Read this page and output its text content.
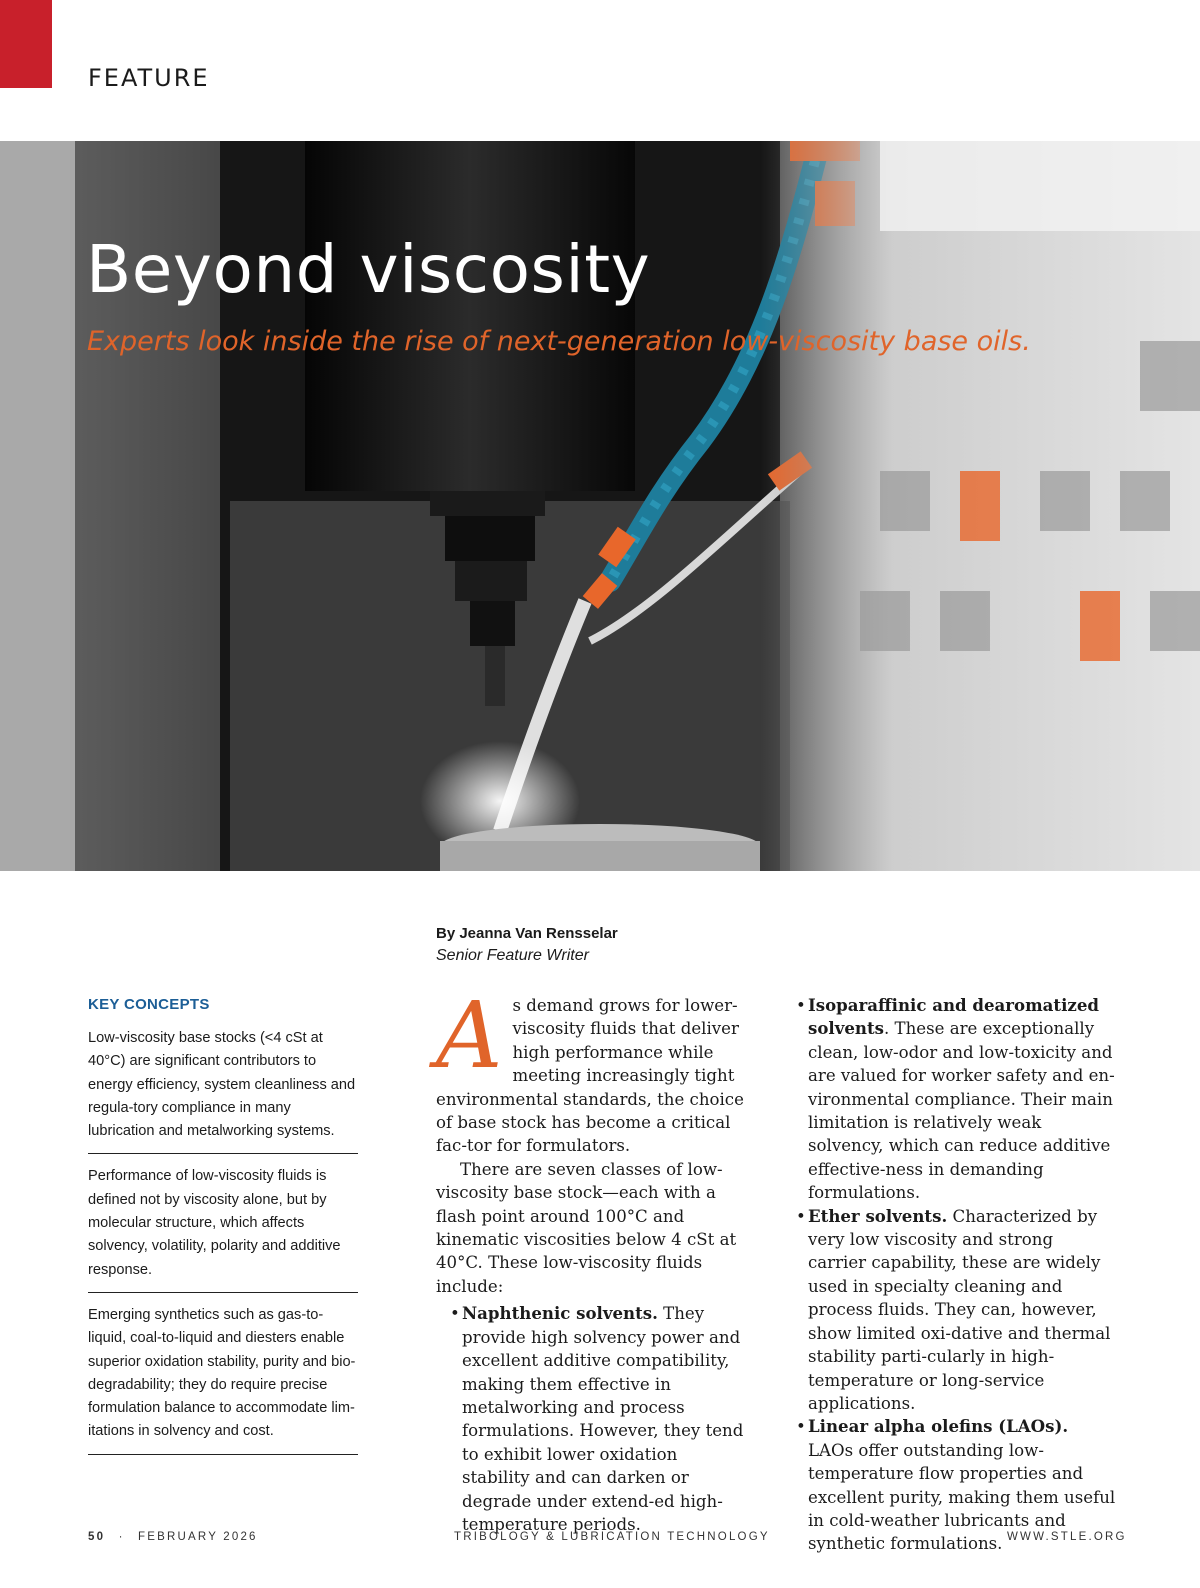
FEATURE
Beyond viscosity

Experts look inside the rise of next-generation low-viscosity base oils.

By Jeanna Van Rensselar
Senior Feature Writer
KEY CONCEPTS
Low-viscosity base stocks (<4 cSt at 40°C) are significant contributors to energy efficiency, system cleanliness and regula-tory compliance in many lubrication and metalworking systems.
Performance of low-viscosity fluids is defined not by viscosity alone, but by molecular structure, which affects solvency, volatility, polarity and additive response.
Emerging synthetics such as gas-to-liquid, coal-to-liquid and diesters enable superior oxidation stability, purity and bio-degradability; they do require precise formulation balance to accommodate lim-itations in solvency and cost.

As demand grows for lower-viscosity fluids that deliver high performance while meeting increasingly tight environmental standards, the choice of base stock has become a critical fac-tor for formulators.

There are seven classes of low-viscosity base stock—each with a flash point around 100°C and kinematic viscosities below 4 cSt at 40°C. These low-viscosity fluids include:

• Naphthenic solvents. They provide high solvency power and excellent additive compatibility, making them effective in metalworking and process formulations. However, they tend to exhibit lower oxidation stability and can darken or degrade under extend-ed high-temperature periods.
• Isoparaffinic and dearomatized solvents. These are exceptionally clean, low-odor and low-toxicity and are valued for worker safety and en-vironmental compliance. Their main limitation is relatively weak solvency, which can reduce additive effective-ness in demanding formulations.
• Ether solvents. Characterized by very low viscosity and strong carrier capability, these are widely used in specialty cleaning and process fluids. They can, however, show limited oxi-dative and thermal stability parti-cularly in high-temperature or long-service applications.
• Linear alpha olefins (LAOs). LAOs offer outstanding low-temperature flow properties and excellent purity, making them useful in cold-weather lubricants and synthetic formulations.
50 · FEBRUARY 2026	TRIBOLOGY & LUBRICATION TECHNOLOGY	WWW.STLE.ORG
